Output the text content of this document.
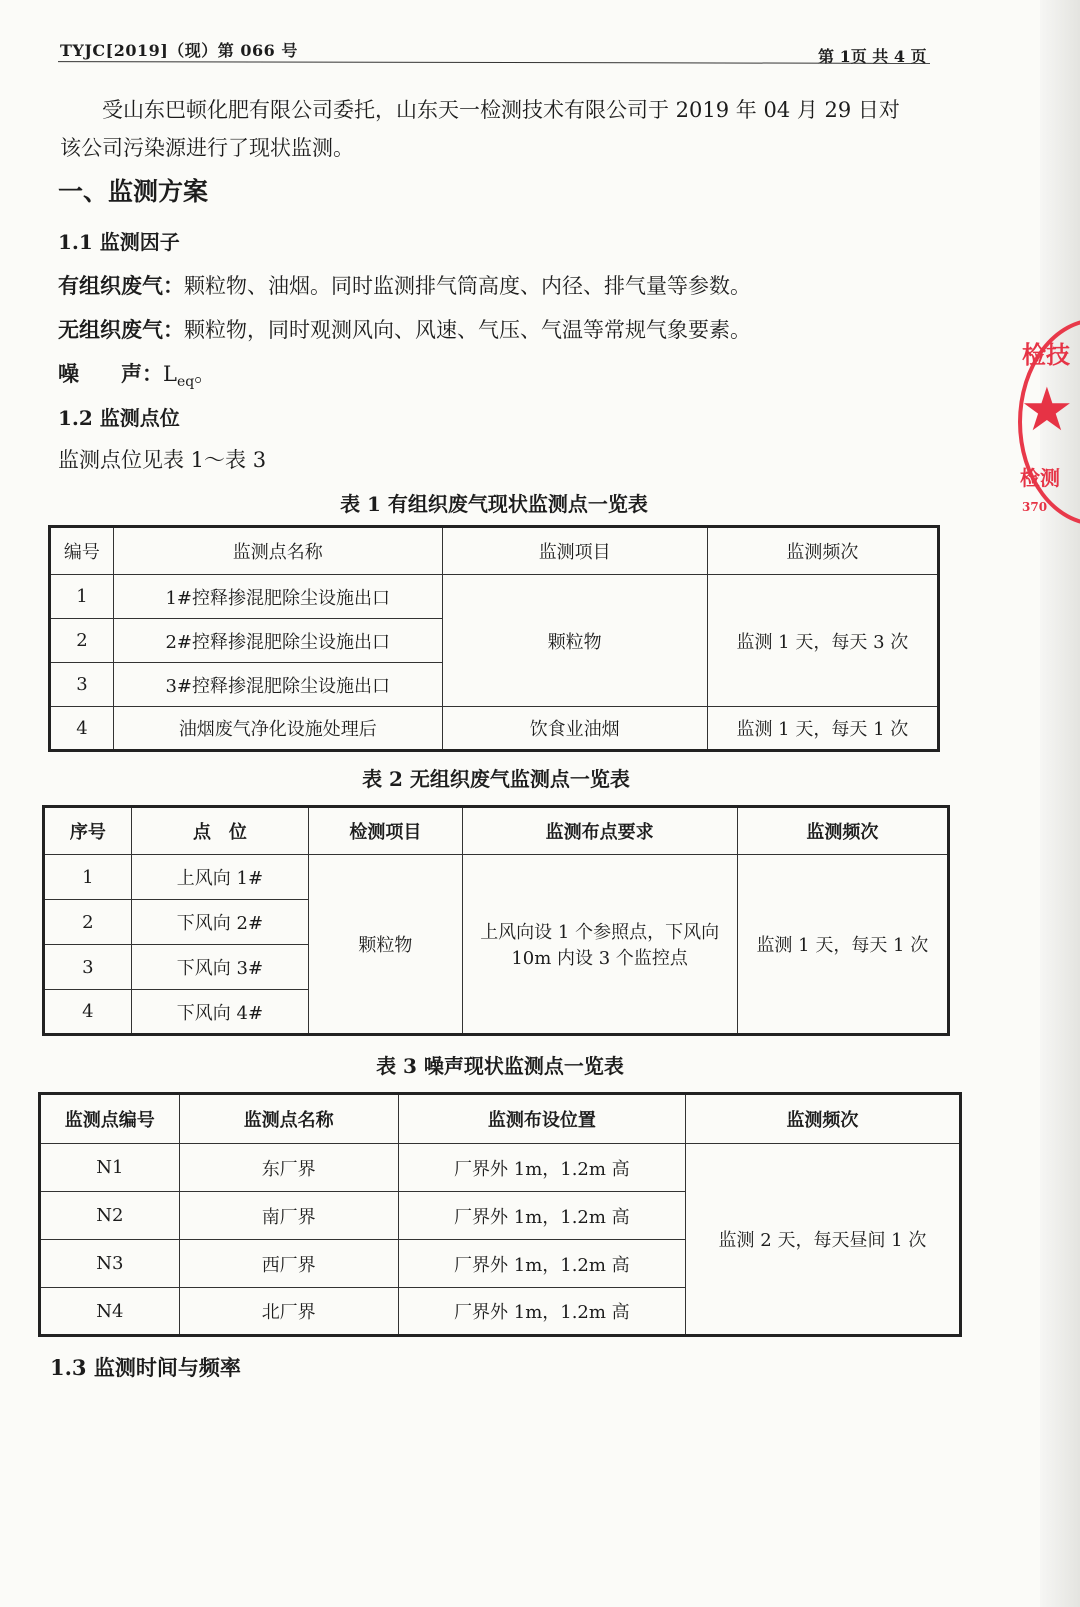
TYJC[2019]（现）第 066 号	第 1页 共 4 页
受山东巴顿化肥有限公司委托，山东天一检测技术有限公司于 2019 年 04 月 29 日对
该公司污染源进行了现状监测。
一、监测方案
1.1 监测因子
有组织废气：颗粒物、油烟。同时监测排气筒高度、内径、排气量等参数。
无组织废气：颗粒物，同时观测风向、风速、气压、气温等常规气象要素。
噪　　声：$L_{eq}$。
1.2 监测点位
监测点位见表 1～表 3
表 1 有组织废气现状监测点一览表
编号	监测点名称	监测项目	监测频次
1	1#控释掺混肥除尘设施出口	颗粒物	监测 1 天，每天 3 次
2	2#控释掺混肥除尘设施出口		
3	3#控释掺混肥除尘设施出口		
4	油烟废气净化设施处理后	饮食业油烟	监测 1 天，每天 1 次
表 2 无组织废气监测点一览表
序号	点　位	检测项目	监测布点要求	监测频次
1	上风向 1#	颗粒物	上风向设 1 个参照点，下风向
10m 内设 3 个监控点	监测 1 天，每天 1 次
2	下风向 2#			
3	下风向 3#			
4	下风向 4#			
表 3 噪声现状监测点一览表
监测点编号	监测点名称	监测布设位置	监测频次
N1	东厂界	厂界外 1m，1.2m 高	监测 2 天，每天昼间 1 次
N2	南厂界	厂界外 1m，1.2m 高	
N3	西厂界	厂界外 1m，1.2m 高	
N4	北厂界	厂界外 1m，1.2m 高	
1.3 监测时间与频率
检技
★
检测
370
